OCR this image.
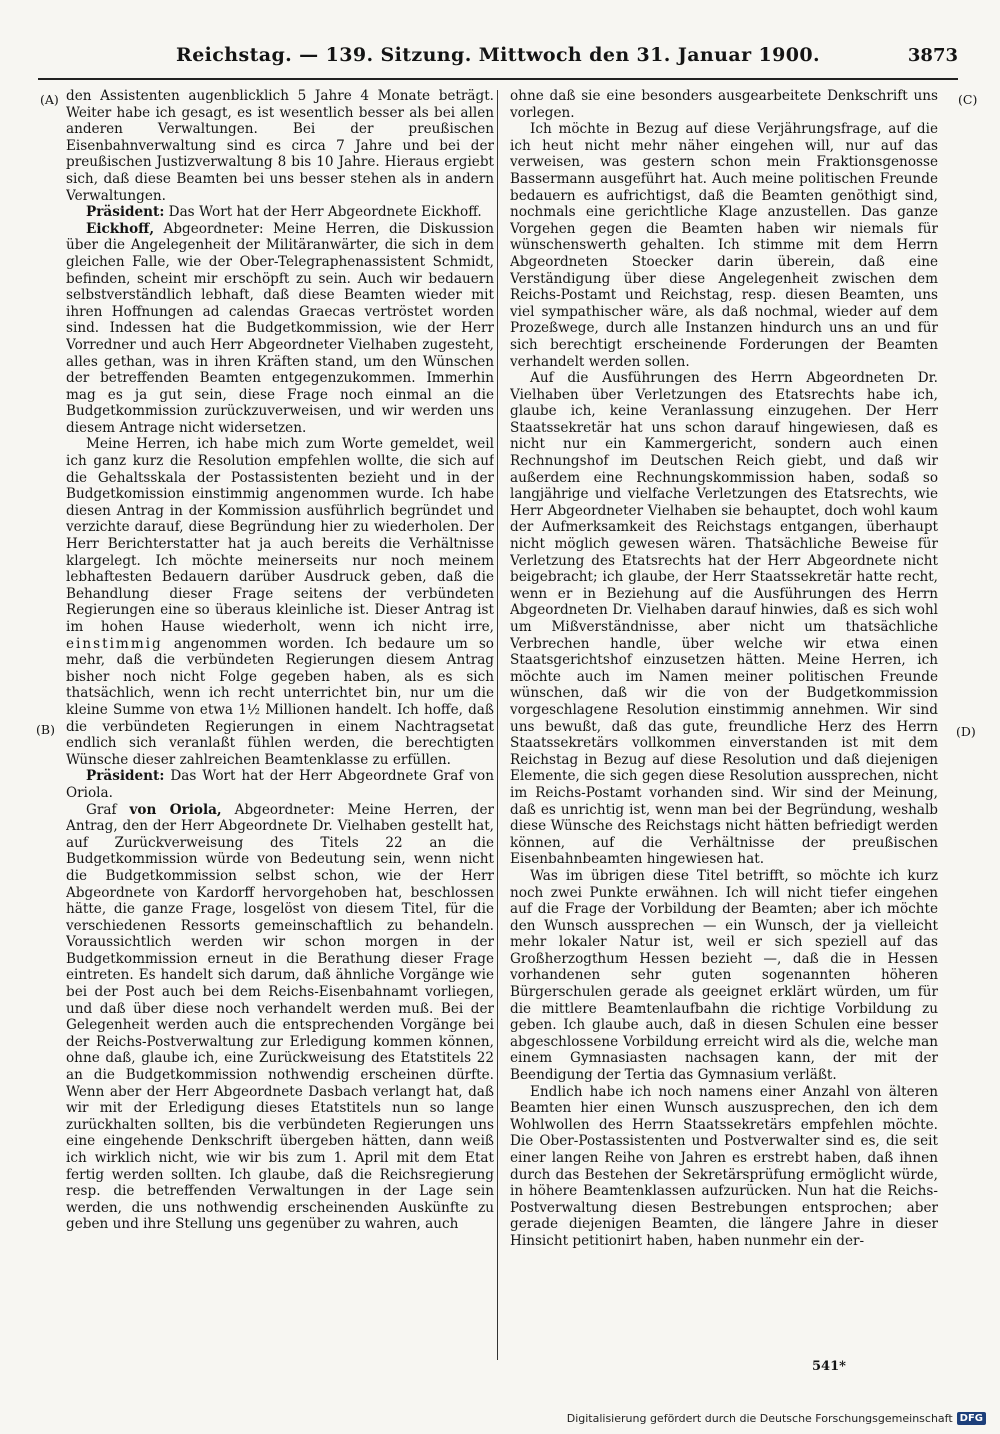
Reichstag. — 139. Sitzung. Mittwoch den 31. Januar 1900.	3873
(A)
(B)
(C)
(D)

den Assistenten augenblicklich 5 Jahre 4 Monate beträgt. Weiter habe ich gesagt, es ist wesentlich besser als bei allen anderen Verwaltungen. Bei der preußischen Eisenbahnverwaltung sind es circa 7 Jahre und bei der preußischen Justizverwaltung 8 bis 10 Jahre. Hieraus ergiebt sich, daß diese Beamten bei uns besser stehen als in andern Verwaltungen.

Präsident: Das Wort hat der Herr Abgeordnete Eickhoff.

Eickhoff, Abgeordneter: Meine Herren, die Diskussion über die Angelegenheit der Militäranwärter, die sich in dem gleichen Falle, wie der Ober-Telegraphenassistent Schmidt, befinden, scheint mir erschöpft zu sein. Auch wir bedauern selbstverständlich lebhaft, daß diese Beamten wieder mit ihren Hoffnungen ad calendas Graecas vertröstet worden sind. Indessen hat die Budgetkommission, wie der Herr Vorredner und auch Herr Abgeordneter Vielhaben zugesteht, alles gethan, was in ihren Kräften stand, um den Wünschen der betreffenden Beamten entgegenzukommen. Immerhin mag es ja gut sein, diese Frage noch einmal an die Budgetkommission zurückzuverweisen, und wir werden uns diesem Antrage nicht widersetzen.

Meine Herren, ich habe mich zum Worte gemeldet, weil ich ganz kurz die Resolution empfehlen wollte, die sich auf die Gehaltsskala der Postassistenten bezieht und in der Budgetkomission einstimmig angenommen wurde. Ich habe diesen Antrag in der Kommission ausführlich begründet und verzichte darauf, diese Begründung hier zu wiederholen. Der Herr Berichterstatter hat ja auch bereits die Verhältnisse klargelegt. Ich möchte meinerseits nur noch meinem lebhaftesten Bedauern darüber Ausdruck geben, daß die Behandlung dieser Frage seitens der verbündeten Regierungen eine so überaus kleinliche ist. Dieser Antrag ist im hohen Hause wiederholt, wenn ich nicht irre, einstimmig angenommen worden. Ich bedaure um so mehr, daß die verbündeten Regierungen diesem Antrag bisher noch nicht Folge gegeben haben, als es sich thatsächlich, wenn ich recht unterrichtet bin, nur um die kleine Summe von etwa 1½ Millionen handelt. Ich hoffe, daß die verbündeten Regierungen in einem Nachtragsetat endlich sich veranlaßt fühlen werden, die berechtigten Wünsche dieser zahlreichen Beamtenklasse zu erfüllen.

Präsident: Das Wort hat der Herr Abgeordnete Graf von Oriola.

Graf von Oriola, Abgeordneter: Meine Herren, der Antrag, den der Herr Abgeordnete Dr. Vielhaben gestellt hat, auf Zurückverweisung des Titels 22 an die Budgetkommission würde von Bedeutung sein, wenn nicht die Budgetkommission selbst schon, wie der Herr Abgeordnete von Kardorff hervorgehoben hat, beschlossen hätte, die ganze Frage, losgelöst von diesem Titel, für die verschiedenen Ressorts gemeinschaftlich zu behandeln. Voraussichtlich werden wir schon morgen in der Budgetkommission erneut in die Berathung dieser Frage eintreten. Es handelt sich darum, daß ähnliche Vorgänge wie bei der Post auch bei dem Reichs-Eisenbahnamt vorliegen, und daß über diese noch verhandelt werden muß. Bei der Gelegenheit werden auch die entsprechenden Vorgänge bei der Reichs-Postverwaltung zur Erledigung kommen können, ohne daß, glaube ich, eine Zurückweisung des Etatstitels 22 an die Budgetkommission nothwendig erscheinen dürfte. Wenn aber der Herr Abgeordnete Dasbach verlangt hat, daß wir mit der Erledigung dieses Etatstitels nun so lange zurückhalten sollten, bis die verbündeten Regierungen uns eine eingehende Denkschrift übergeben hätten, dann weiß ich wirklich nicht, wie wir bis zum 1. April mit dem Etat fertig werden sollten. Ich glaube, daß die Reichsregierung resp. die betreffenden Verwaltungen in der Lage sein werden, die uns nothwendig erscheinenden Auskünfte zu geben und ihre Stellung uns gegenüber zu wahren, auch

ohne daß sie eine besonders ausgearbeitete Denkschrift uns vorlegen.

Ich möchte in Bezug auf diese Verjährungsfrage, auf die ich heut nicht mehr näher eingehen will, nur auf das verweisen, was gestern schon mein Fraktionsgenosse Bassermann ausgeführt hat. Auch meine politischen Freunde bedauern es aufrichtigst, daß die Beamten genöthigt sind, nochmals eine gerichtliche Klage anzustellen. Das ganze Vorgehen gegen die Beamten haben wir niemals für wünschenswerth gehalten. Ich stimme mit dem Herrn Abgeordneten Stoecker darin überein, daß eine Verständigung über diese Angelegenheit zwischen dem Reichs-Postamt und Reichstag, resp. diesen Beamten, uns viel sympathischer wäre, als daß nochmal, wieder auf dem Prozeßwege, durch alle Instanzen hindurch uns an und für sich berechtigt erscheinende Forderungen der Beamten verhandelt werden sollen.

Auf die Ausführungen des Herrn Abgeordneten Dr. Vielhaben über Verletzungen des Etatsrechts habe ich, glaube ich, keine Veranlassung einzugehen. Der Herr Staatssekretär hat uns schon darauf hingewiesen, daß es nicht nur ein Kammergericht, sondern auch einen Rechnungshof im Deutschen Reich giebt, und daß wir außerdem eine Rechnungskommission haben, sodaß so langjährige und vielfache Verletzungen des Etatsrechts, wie Herr Abgeordneter Vielhaben sie behauptet, doch wohl kaum der Aufmerksamkeit des Reichstags entgangen, überhaupt nicht möglich gewesen wären. Thatsächliche Beweise für Verletzung des Etatsrechts hat der Herr Abgeordnete nicht beigebracht; ich glaube, der Herr Staatssekretär hatte recht, wenn er in Beziehung auf die Ausführungen des Herrn Abgeordneten Dr. Vielhaben darauf hinwies, daß es sich wohl um Mißverständnisse, aber nicht um thatsächliche Verbrechen handle, über welche wir etwa einen Staatsgerichtshof einzusetzen hätten. Meine Herren, ich möchte auch im Namen meiner politischen Freunde wünschen, daß wir die von der Budgetkommission vorgeschlagene Resolution einstimmig annehmen. Wir sind uns bewußt, daß das gute, freundliche Herz des Herrn Staatssekretärs vollkommen einverstanden ist mit dem Reichstag in Bezug auf diese Resolution und daß diejenigen Elemente, die sich gegen diese Resolution aussprechen, nicht im Reichs-Postamt vorhanden sind. Wir sind der Meinung, daß es unrichtig ist, wenn man bei der Begründung, weshalb diese Wünsche des Reichstags nicht hätten befriedigt werden können, auf die Verhältnisse der preußischen Eisenbahnbeamten hingewiesen hat.

Was im übrigen diese Titel betrifft, so möchte ich kurz noch zwei Punkte erwähnen. Ich will nicht tiefer eingehen auf die Frage der Vorbildung der Beamten; aber ich möchte den Wunsch aussprechen — ein Wunsch, der ja vielleicht mehr lokaler Natur ist, weil er sich speziell auf das Großherzogthum Hessen bezieht —, daß die in Hessen vorhandenen sehr guten sogenannten höheren Bürgerschulen gerade als geeignet erklärt würden, um für die mittlere Beamtenlaufbahn die richtige Vorbildung zu geben. Ich glaube auch, daß in diesen Schulen eine besser abgeschlossene Vorbildung erreicht wird als die, welche man einem Gymnasiasten nachsagen kann, der mit der Beendigung der Tertia das Gymnasium verläßt.

Endlich habe ich noch namens einer Anzahl von älteren Beamten hier einen Wunsch auszusprechen, den ich dem Wohlwollen des Herrn Staatssekretärs empfehlen möchte. Die Ober-Postassistenten und Postverwalter sind es, die seit einer langen Reihe von Jahren es erstrebt haben, daß ihnen durch das Bestehen der Sekretärsprüfung ermöglicht würde, in höhere Beamtenklassen aufzurücken. Nun hat die Reichs-Postverwaltung diesen Bestrebungen entsprochen; aber gerade diejenigen Beamten, die längere Jahre in dieser Hinsicht petitionirt haben, haben nunmehr ein der-

541*
Digitalisierung gefördert durch die Deutsche Forschungsgemeinschaft DFG
